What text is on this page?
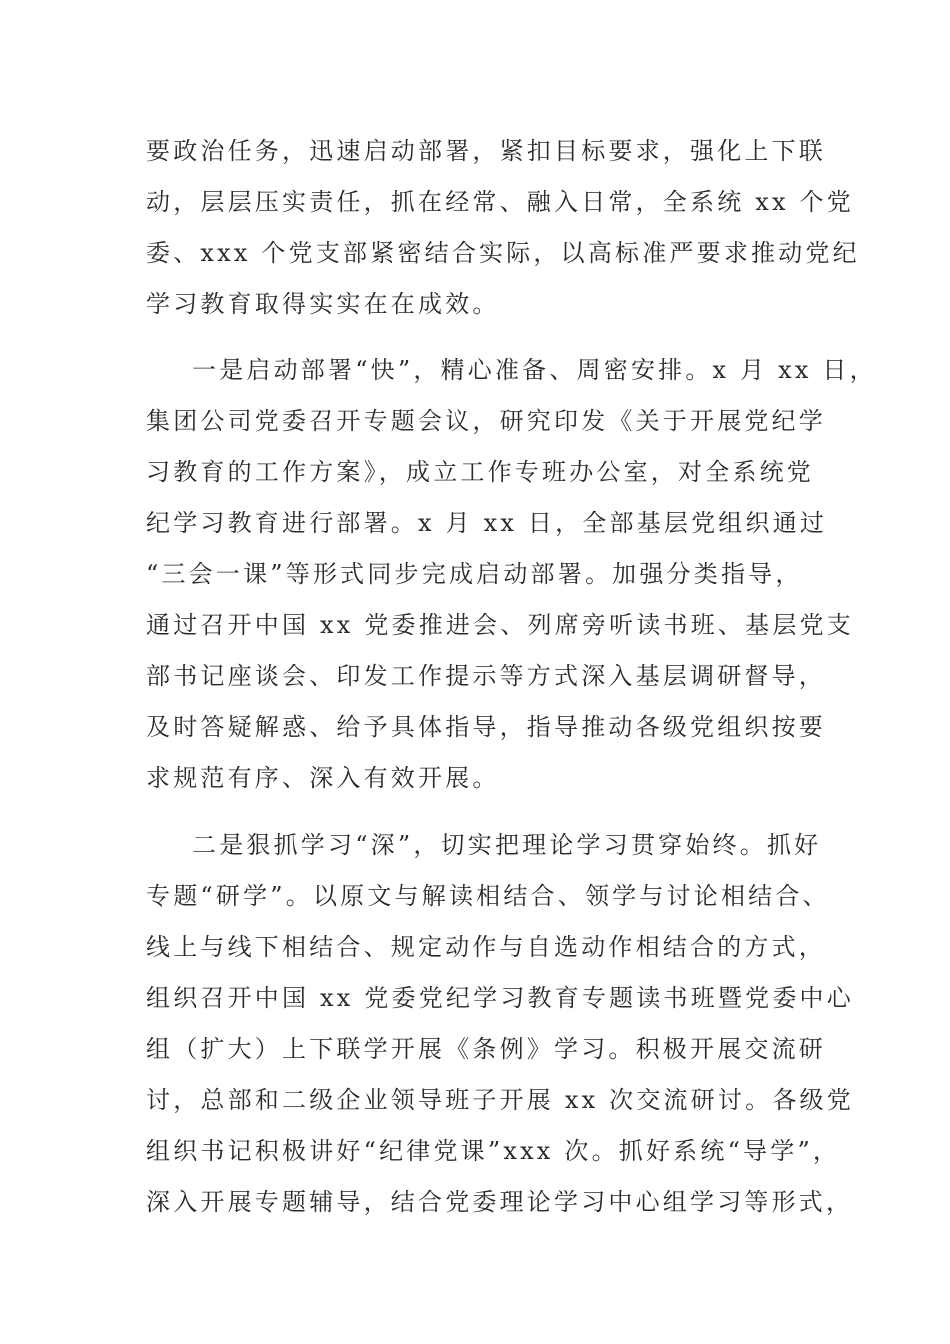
要政治任务，迅速启动部署，紧扣目标要求，强化上下联
动，层层压实责任，抓在经常、融入日常，全系统 xx 个党
委、xxx 个党支部紧密结合实际，以高标准严要求推动党纪
学习教育取得实实在在成效。
一是启动部署“快”，精心准备、周密安排。x 月 xx 日，
集团公司党委召开专题会议，研究印发《关于开展党纪学
习教育的工作方案》，成立工作专班办公室，对全系统党
纪学习教育进行部署。x 月 xx 日，全部基层党组织通过
“三会一课”等形式同步完成启动部署。加强分类指导，
通过召开中国 xx 党委推进会、列席旁听读书班、基层党支
部书记座谈会、印发工作提示等方式深入基层调研督导，
及时答疑解惑、给予具体指导，指导推动各级党组织按要
求规范有序、深入有效开展。
二是狠抓学习“深”，切实把理论学习贯穿始终。抓好
专题“研学”。以原文与解读相结合、领学与讨论相结合、
线上与线下相结合、规定动作与自选动作相结合的方式，
组织召开中国 xx 党委党纪学习教育专题读书班暨党委中心
组（扩大）上下联学开展《条例》学习。积极开展交流研
讨，总部和二级企业领导班子开展 xx 次交流研讨。各级党
组织书记积极讲好“纪律党课”xxx 次。抓好系统“导学”，
深入开展专题辅导，结合党委理论学习中心组学习等形式，
